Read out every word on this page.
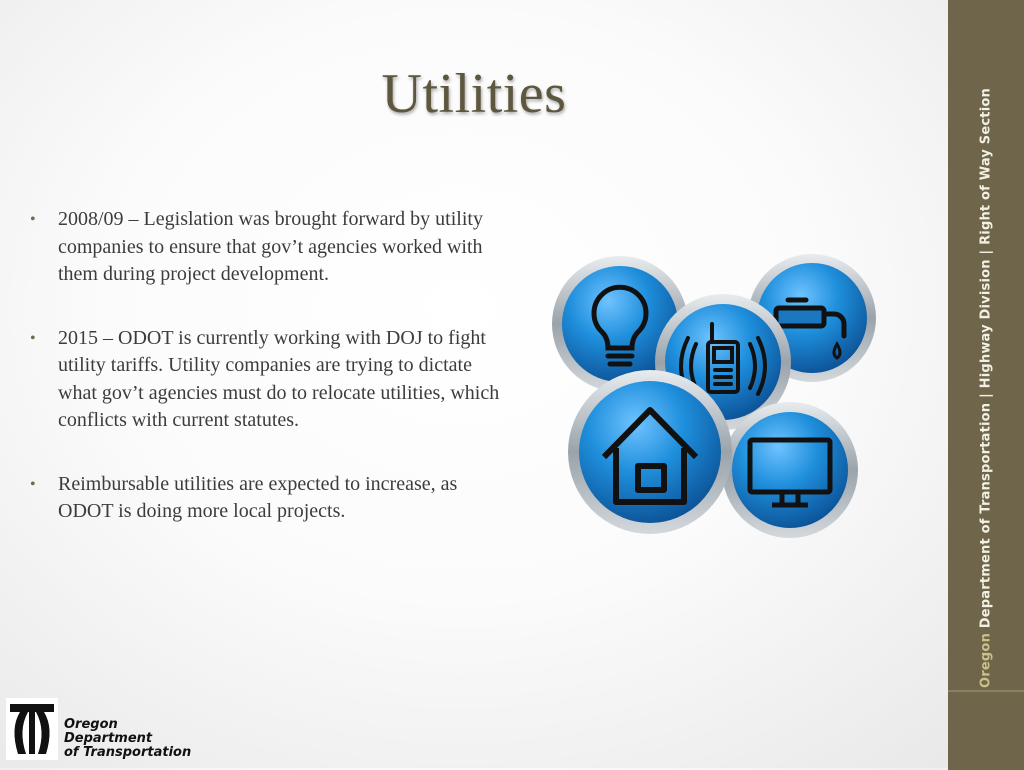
Utilities
• 2008/09 – Legislation was brought forward by utility companies to ensure that gov’t agencies worked with them during project development.
• 2015 – ODOT is currently working with DOJ to fight utility tariffs. Utility companies are trying to dictate what gov’t agencies must do to relocate utilities, which conflicts with current statutes.
• Reimbursable utilities are expected to increase, as ODOT is doing more local projects.
Oregon
Department
of Transportation
Oregon Department of Transportation | Highway Division | Right of Way Section
